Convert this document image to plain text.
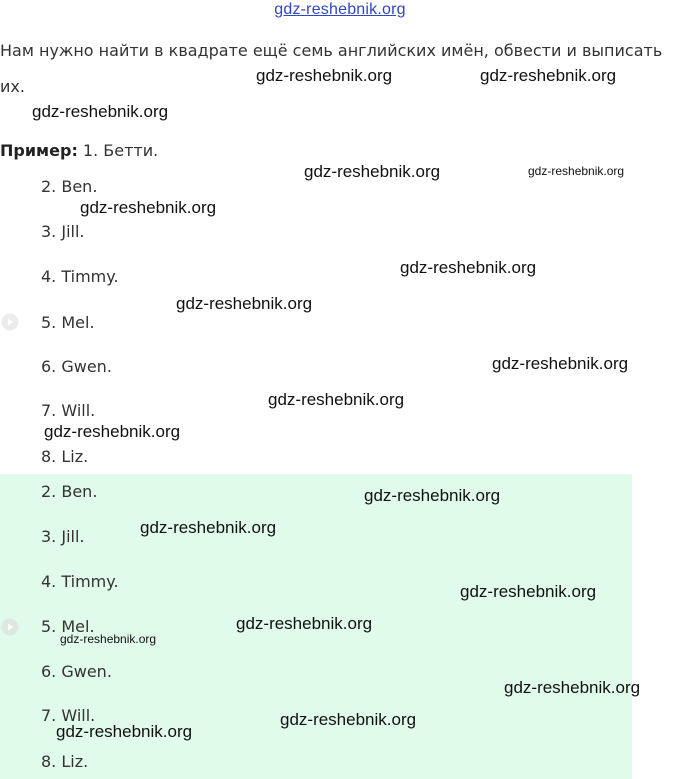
gdz-reshebnik.org
Нам нужно найти в квадрате ещё семь английских имён, обвести и выписать
их.
Пример: 1. Бетти.
2. Ben.
3. Jill.
4. Timmy.
5. Mel.
6. Gwen.
7. Will.
8. Liz.
2. Ben.
3. Jill.
4. Timmy.
5. Mel.
6. Gwen.
7. Will.
8. Liz.
gdz-reshebnik.org	gdz-reshebnik.org
gdz-reshebnik.org
gdz-reshebnik.org	gdz-reshebnik.org
gdz-reshebnik.org
gdz-reshebnik.org
gdz-reshebnik.org
gdz-reshebnik.org
gdz-reshebnik.org
gdz-reshebnik.org
gdz-reshebnik.org
gdz-reshebnik.org
gdz-reshebnik.org
gdz-reshebnik.org
gdz-reshebnik.org
gdz-reshebnik.org
gdz-reshebnik.org
gdz-reshebnik.org
